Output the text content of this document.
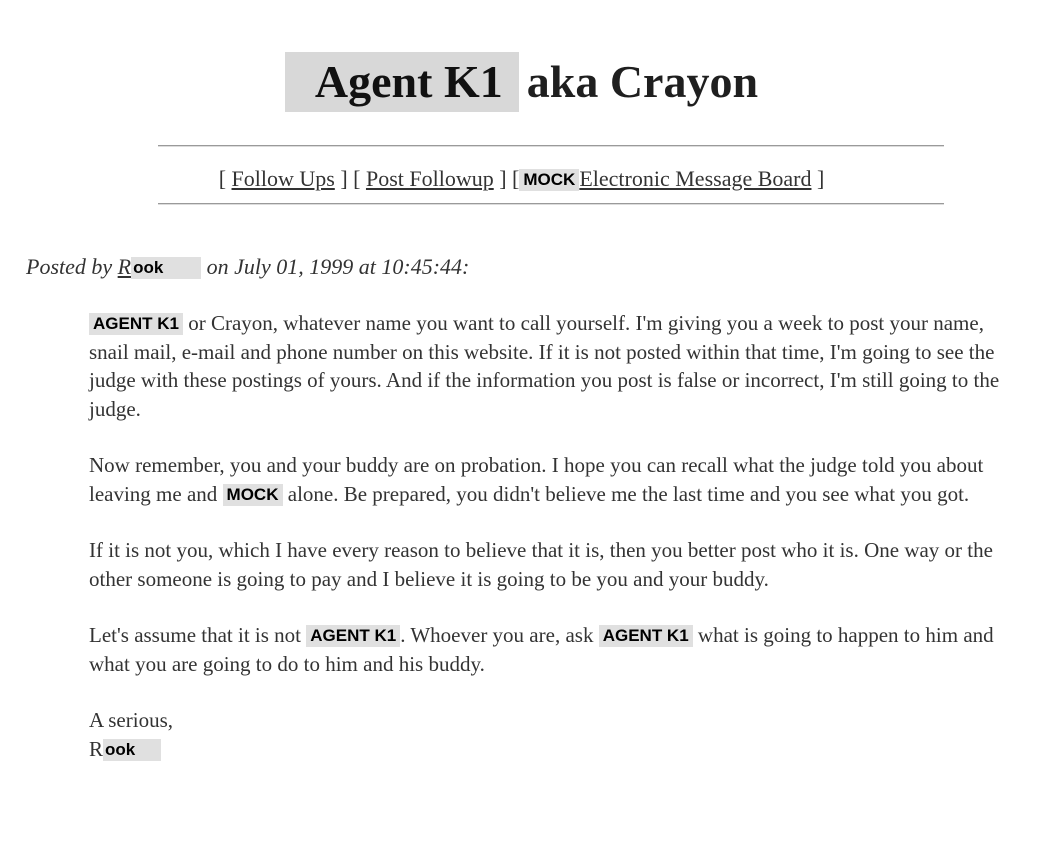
Agent K1 aka Crayon
[ Follow Ups ] [ Post Followup ] [ MOCK Electronic Message Board ]
Posted by R ook on July 01, 1999 at 10:45:44:

AGENT K1 or Crayon, whatever name you want to call yourself. I'm giving you a week to post your name, snail mail, e-mail and phone number on this website. If it is not posted within that time, I'm going to see the judge with these postings of yours. And if the information you post is false or incorrect, I'm still going to the judge.

Now remember, you and your buddy are on probation. I hope you can recall what the judge told you about leaving me and MOCK alone. Be prepared, you didn't believe me the last time and you see what you got.

If it is not you, which I have every reason to believe that it is, then you better post who it is. One way or the other someone is going to pay and I believe it is going to be you and your buddy.

Let's assume that it is not AGENT K1 . Whoever you are, ask AGENT K1 what is going to happen to him and what you are going to do to him and his buddy.

A serious,
R ook
